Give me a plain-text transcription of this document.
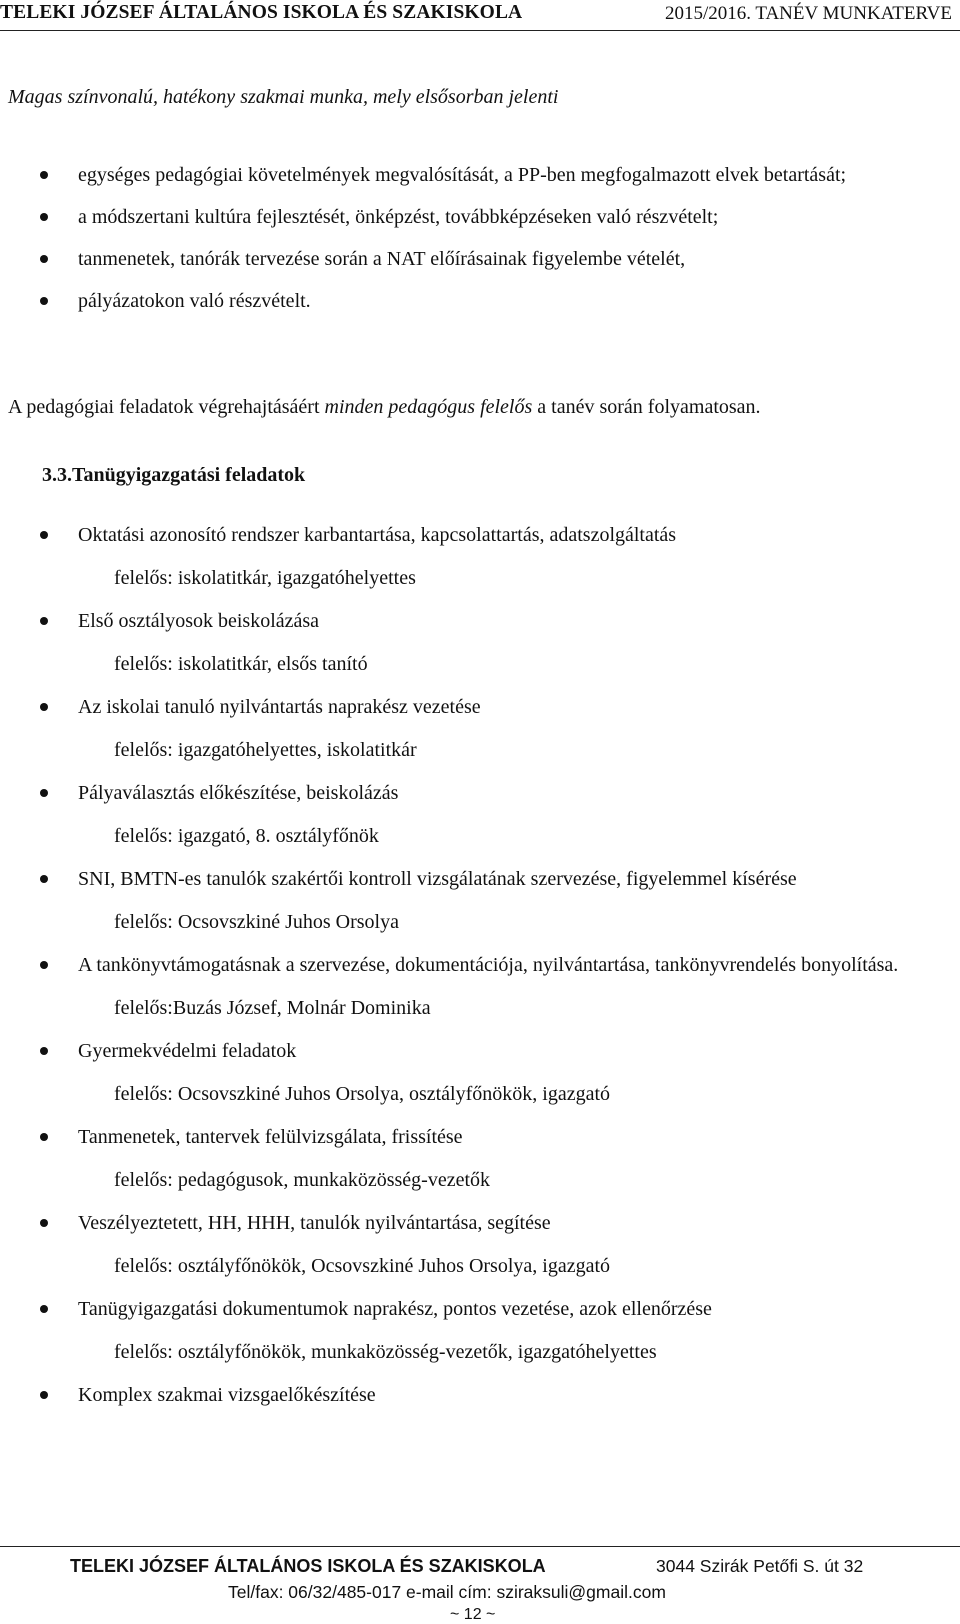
TELEKI JÓZSEF ÁLTALÁNOS ISKOLA ÉS SZAKISKOLA	2015/2016. TANÉV MUNKATERVE
Magas színvonalú, hatékony szakmai munka, mely elsősorban jelenti
egységes pedagógiai követelmények megvalósítását, a PP-ben megfogalmazott elvek betartását;
a módszertani kultúra fejlesztését, önképzést, továbbképzéseken való részvételt;
tanmenetek, tanórák tervezése során a NAT előírásainak figyelembe vételét,
pályázatokon való részvételt.
A pedagógiai feladatok végrehajtásáért minden pedagógus felelős a tanév során folyamatosan.
3.3.Tanügyigazgatási feladatok
Oktatási azonosító rendszer karbantartása, kapcsolattartás, adatszolgáltatás
felelős: iskolatitkár, igazgatóhelyettes
Első osztályosok beiskolázása
felelős: iskolatitkár, elsős tanító
Az iskolai tanuló nyilvántartás naprakész vezetése
felelős: igazgatóhelyettes, iskolatitkár
Pályaválasztás előkészítése, beiskolázás
felelős: igazgató, 8. osztályfőnök
SNI, BMTN-es tanulók szakértői kontroll vizsgálatának szervezése, figyelemmel kísérése
felelős: Ocsovszkiné Juhos Orsolya
A tankönyvtámogatásnak a szervezése, dokumentációja, nyilvántartása, tankönyvrendelés bonyolítása.
felelős:Buzás József, Molnár Dominika
Gyermekvédelmi feladatok
felelős: Ocsovszkiné Juhos Orsolya, osztályfőnökök, igazgató
Tanmenetek, tantervek felülvizsgálata, frissítése
felelős: pedagógusok, munkaközösség-vezetők
Veszélyeztetett, HH, HHH, tanulók nyilvántartása, segítése
felelős: osztályfőnökök, Ocsovszkiné Juhos Orsolya, igazgató
Tanügyigazgatási dokumentumok naprakész, pontos vezetése, azok ellenőrzése
felelős: osztályfőnökök, munkaközösség-vezetők, igazgatóhelyettes
Komplex szakmai vizsgaelőkészítése
TELEKI JÓZSEF ÁLTALÁNOS ISKOLA ÉS SZAKISKOLA	3044 Szirák Petőfi S. út 32
Tel/fax: 06/32/485-017 e-mail cím: sziraksuli@gmail.com
~ 12 ~
